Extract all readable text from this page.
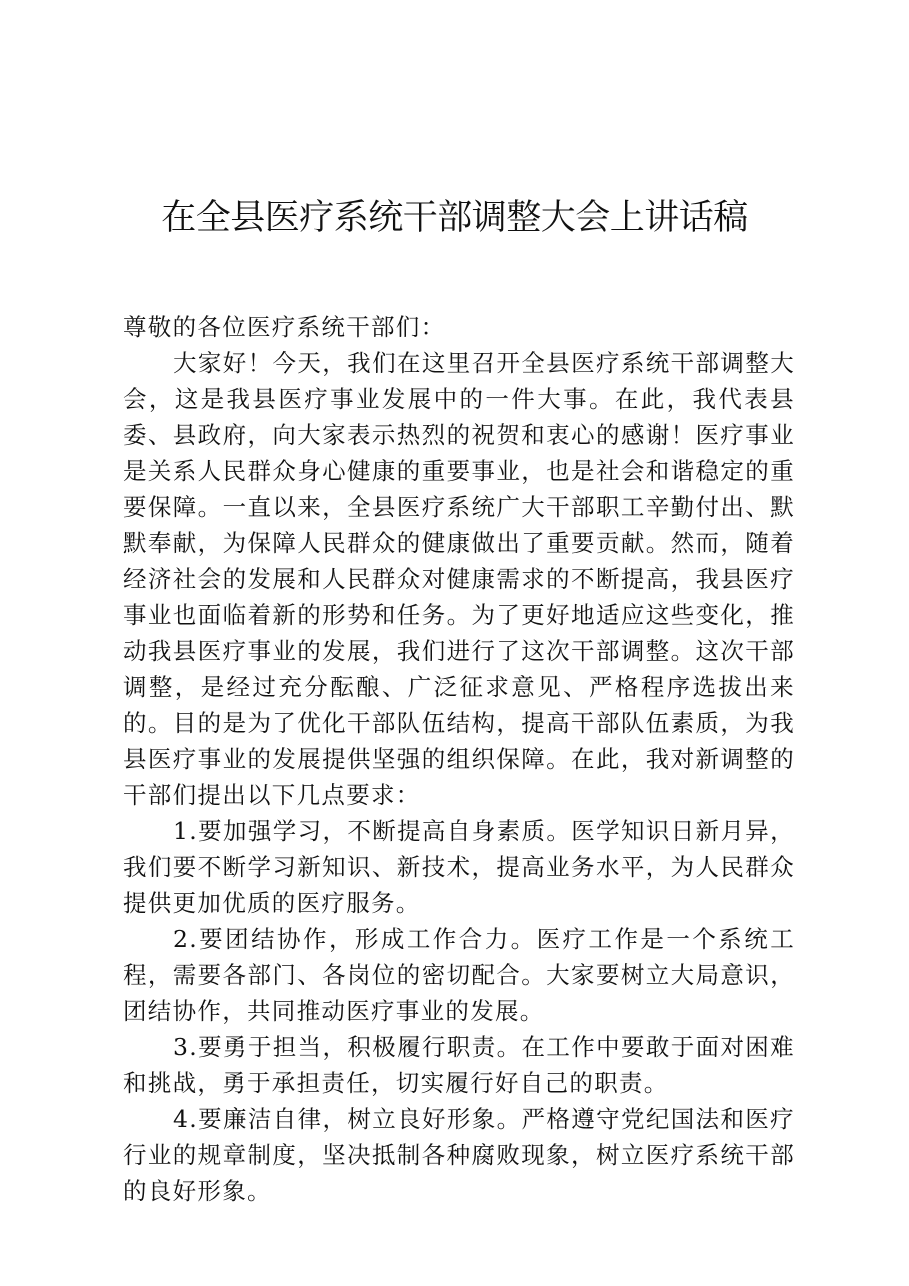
在全县医疗系统干部调整大会上讲话稿

尊敬的各位医疗系统干部们：

大家好！今天，我们在这里召开全县医疗系统干部调整大会，这是我县医疗事业发展中的一件大事。在此，我代表县委、县政府，向大家表示热烈的祝贺和衷心的感谢！医疗事业是关系人民群众身心健康的重要事业，也是社会和谐稳定的重要保障。一直以来，全县医疗系统广大干部职工辛勤付出、默默奉献，为保障人民群众的健康做出了重要贡献。然而，随着经济社会的发展和人民群众对健康需求的不断提高，我县医疗事业也面临着新的形势和任务。为了更好地适应这些变化，推动我县医疗事业的发展，我们进行了这次干部调整。这次干部调整，是经过充分酝酿、广泛征求意见、严格程序选拔出来的。目的是为了优化干部队伍结构，提高干部队伍素质，为我县医疗事业的发展提供坚强的组织保障。在此，我对新调整的干部们提出以下几点要求：

1.要加强学习，不断提高自身素质。医学知识日新月异，我们要不断学习新知识、新技术，提高业务水平，为人民群众提供更加优质的医疗服务。

2.要团结协作，形成工作合力。医疗工作是一个系统工程，需要各部门、各岗位的密切配合。大家要树立大局意识，团结协作，共同推动医疗事业的发展。

3.要勇于担当，积极履行职责。在工作中要敢于面对困难和挑战，勇于承担责任，切实履行好自己的职责。

4.要廉洁自律，树立良好形象。严格遵守党纪国法和医疗行业的规章制度，坚决抵制各种腐败现象，树立医疗系统干部的良好形象。
